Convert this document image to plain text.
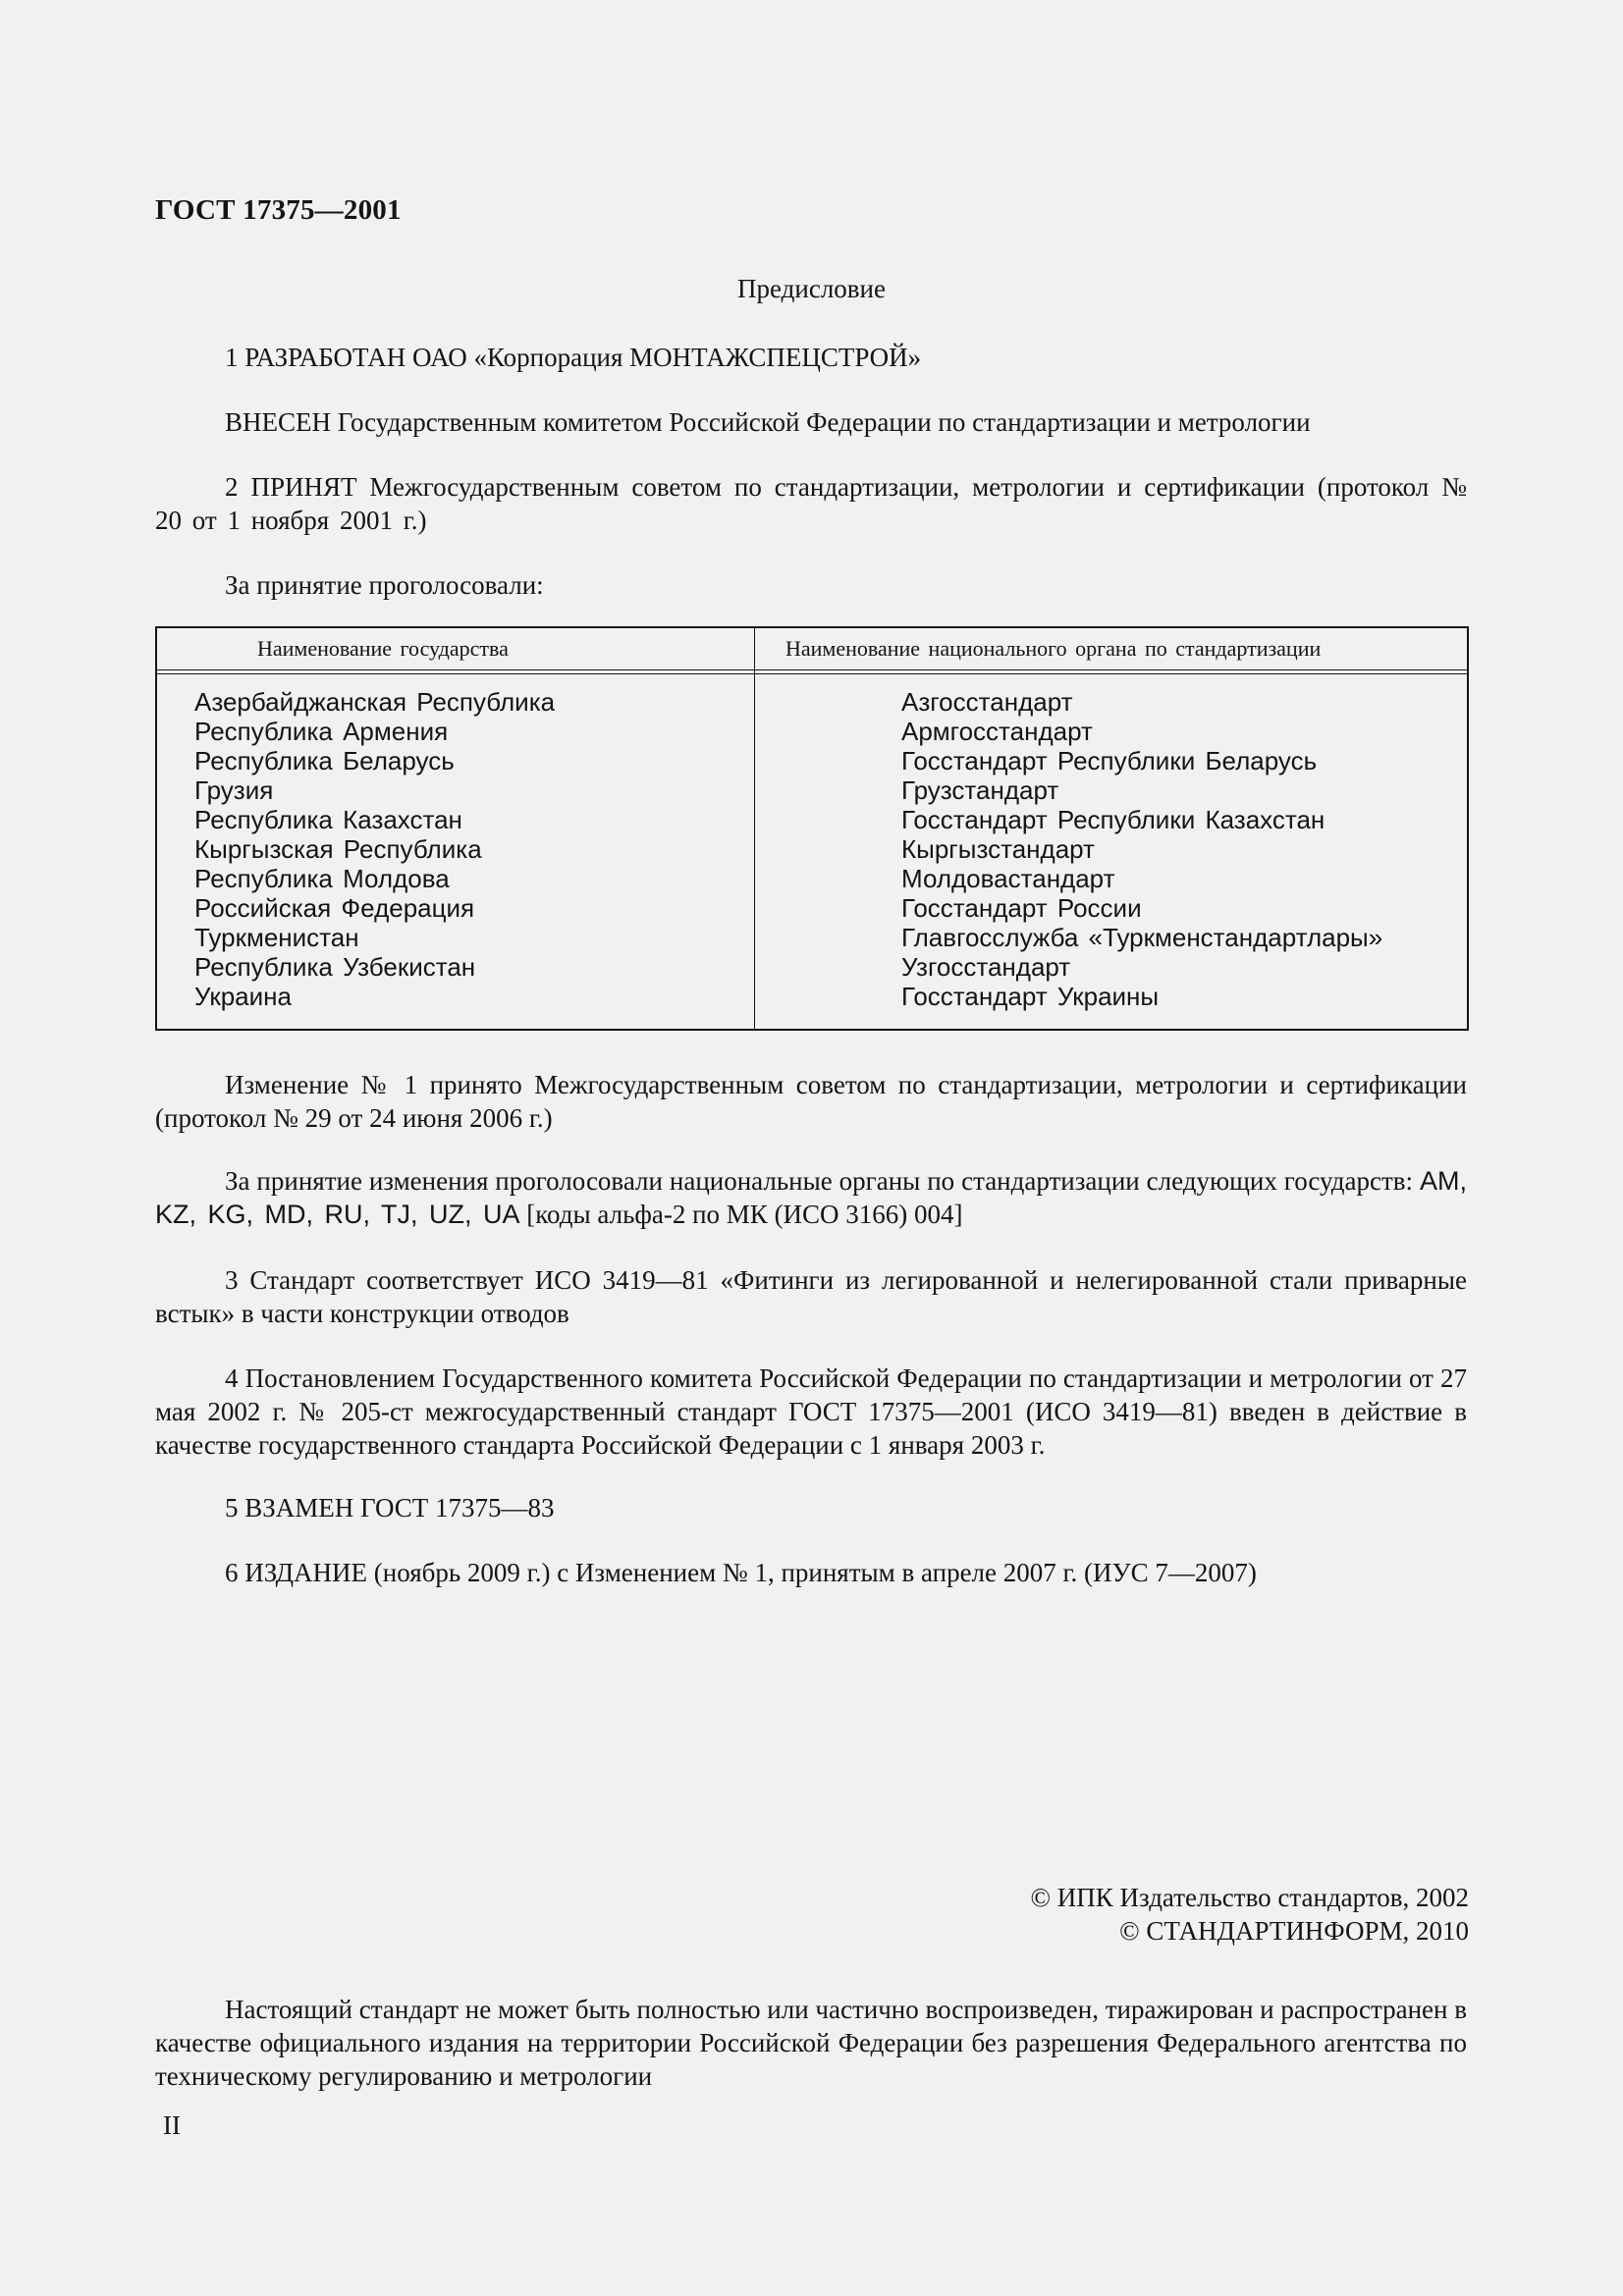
ГОСТ 17375—2001
Предисловие
1 РАЗРАБОТАН ОАО «Корпорация МОНТАЖСПЕЦСТРОЙ»
ВНЕСЕН Государственным комитетом Российской Федерации по стандартизации и метрологии
2 ПРИНЯТ Межгосударственным советом по стандартизации, метрологии и сертификации (протокол № 20 от 1 ноября 2001 г.)
За принятие проголосовали:
Наименование государства	Наименование национального органа по стандартизации
Азербайджанская Республика
Республика Армения
Республика Беларусь
Грузия
Республика Казахстан
Кыргызская Республика
Республика Молдова
Российская Федерация
Туркменистан
Республика Узбекистан
Украина
Азгосстандарт
Армгосстандарт
Госстандарт Республики Беларусь
Грузстандарт
Госстандарт Республики Казахстан
Кыргызстандарт
Молдовастандарт
Госстандарт России
Главгосслужба «Туркменстандартлары»
Узгосстандарт
Госстандарт Украины
Изменение № 1 принято Межгосударственным советом по стандартизации, метрологии и сертификации (протокол № 29 от 24 июня 2006 г.)
За принятие изменения проголосовали национальные органы по стандартизации следующих государств: AM, KZ, KG, MD, RU, TJ, UZ, UA [коды альфа-2 по МК (ИСО 3166) 004]
3 Стандарт соответствует ИСО 3419—81 «Фитинги из легированной и нелегированной стали приварные встык» в части конструкции отводов
4 Постановлением Государственного комитета Российской Федерации по стандартизации и метрологии от 27 мая 2002 г. № 205-ст межгосударственный стандарт ГОСТ 17375—2001 (ИСО 3419—81) введен в действие в качестве государственного стандарта Российской Федерации с 1 января 2003 г.
5 ВЗАМЕН ГОСТ 17375—83
6 ИЗДАНИЕ (ноябрь 2009 г.) с Изменением № 1, принятым в апреле 2007 г. (ИУС 7—2007)
© ИПК Издательство стандартов, 2002
© СТАНДАРТИНФОРМ, 2010
Настоящий стандарт не может быть полностью или частично воспроизведен, тиражирован и распространен в качестве официального издания на территории Российской Федерации без разрешения Федерального агентства по техническому регулированию и метрологии
II
